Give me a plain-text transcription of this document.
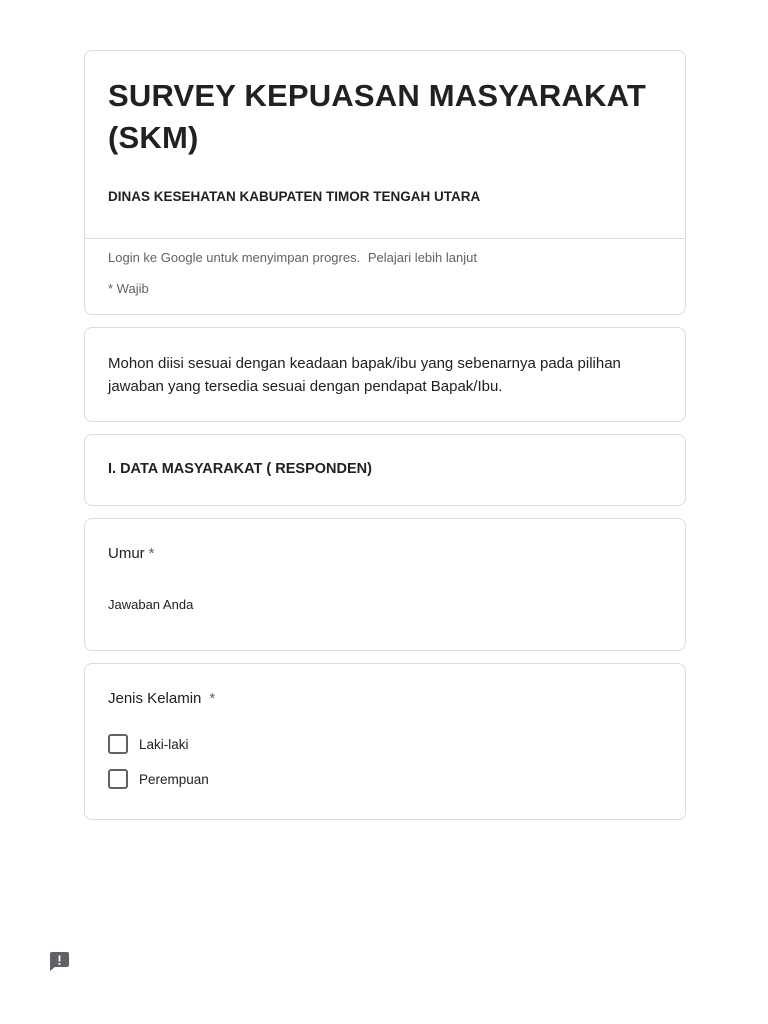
SURVEY KEPUASAN MASYARAKAT (SKM)

DINAS KESEHATAN KABUPATEN TIMOR TENGAH UTARA

Login ke Google untuk menyimpan progres. Pelajari lebih lanjut
* Wajib

Mohon diisi sesuai dengan keadaan bapak/ibu yang sebenarnya pada pilihan jawaban yang tersedia sesuai dengan pendapat Bapak/Ibu.

I. DATA MASYARAKAT ( RESPONDEN)
Umur *
Jawaban Anda
Jenis Kelamin *
Laki-laki
Perempuan
